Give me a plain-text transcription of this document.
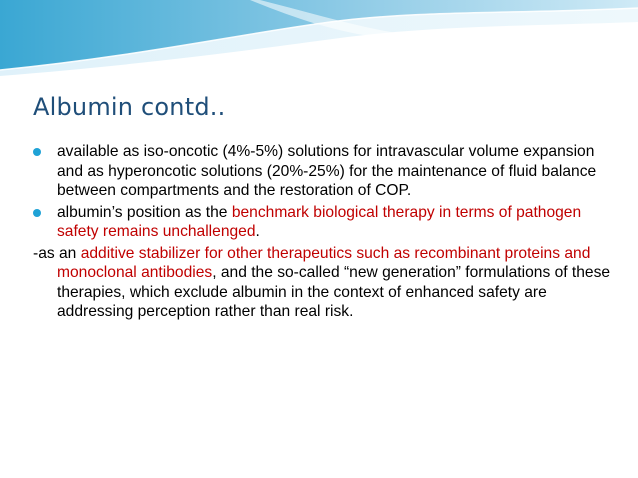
Albumin contd..
available as iso-oncotic (4%-5%) solutions for intravascular volume expansion and as hyperoncotic solutions (20%-25%) for the maintenance of fluid balance between compartments and the restoration of COP.
albumin’s position as the benchmark biological therapy in terms of pathogen safety remains unchallenged.
-as an additive stabilizer for other therapeutics such as recombinant proteins and monoclonal antibodies, and the so-called “new generation” formulations of these therapies, which exclude albumin in the context of enhanced safety are addressing perception rather than real risk.
